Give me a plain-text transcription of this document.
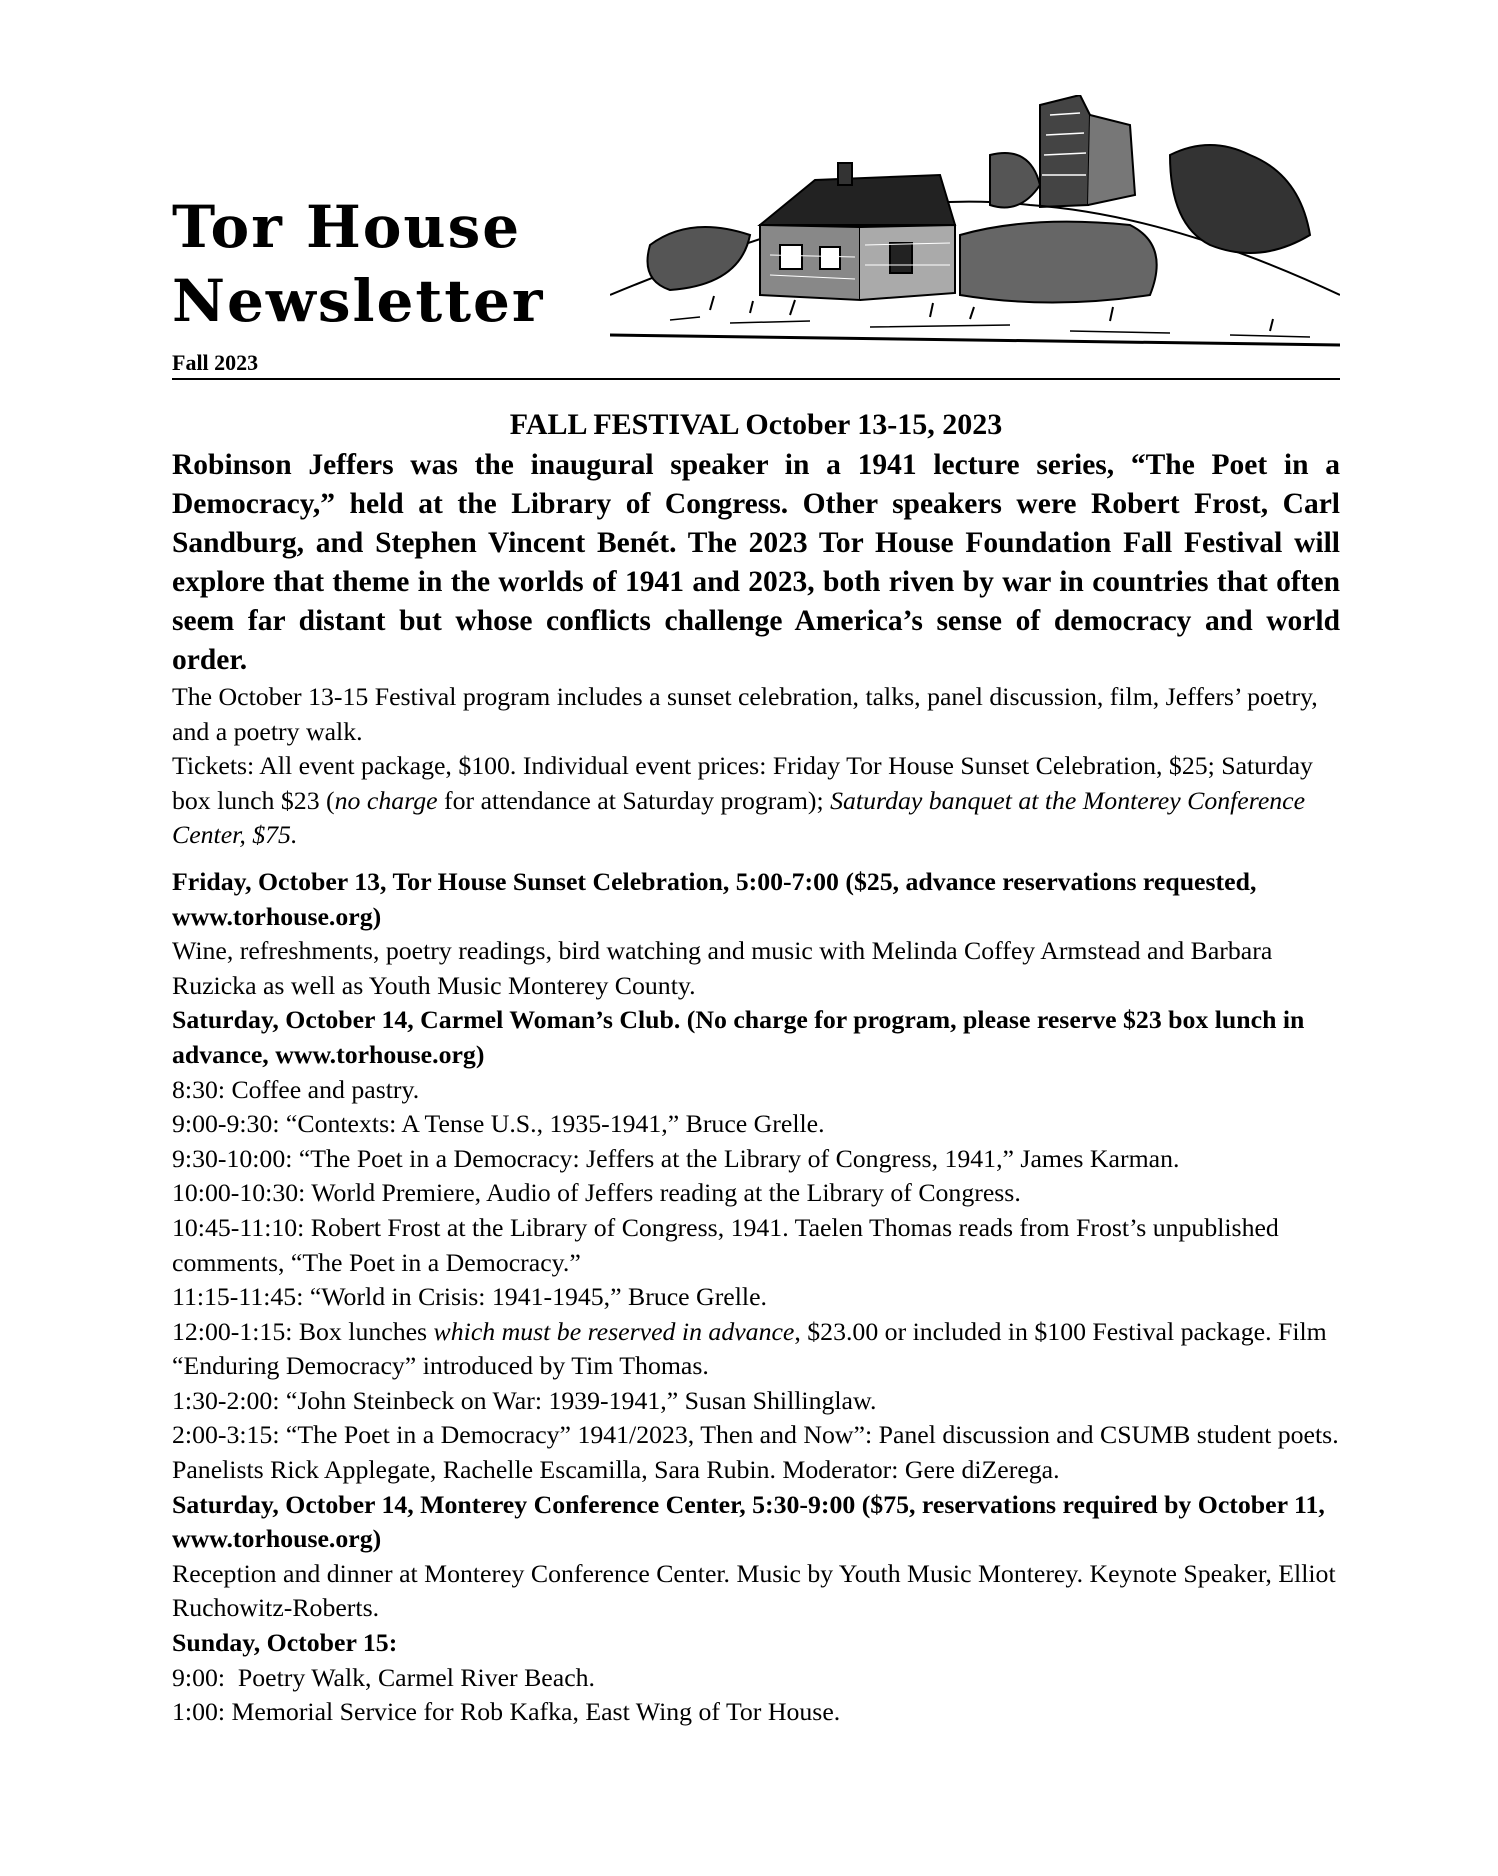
Tor House
Newsletter
Fall 2023
FALL FESTIVAL October 13-15, 2023

Robinson Jeffers was the inaugural speaker in a 1941 lecture series, “The Poet in a Democracy,” held at the Library of Congress. Other speakers were Robert Frost, Carl Sandburg, and Stephen Vincent Benét. The 2023 Tor House Foundation Fall Festival will explore that theme in the worlds of 1941 and 2023, both riven by war in countries that often seem far distant but whose conflicts challenge America’s sense of democracy and world order.

The October 13-15 Festival program includes a sunset celebration, talks, panel discussion, film, Jeffers’ poetry, and a poetry walk.

Tickets: All event package, $100. Individual event prices: Friday Tor House Sunset Celebration, $25; Saturday box lunch $23 (no charge for attendance at Saturday program); Saturday banquet at the Monterey Conference Center, $75.

Friday, October 13, Tor House Sunset Celebration, 5:00-7:00 ($25, advance reservations requested, www.torhouse.org)

Wine, refreshments, poetry readings, bird watching and music with Melinda Coffey Armstead and Barbara Ruzicka as well as Youth Music Monterey County.

Saturday, October 14, Carmel Woman’s Club. (No charge for program, please reserve $23 box lunch in advance, www.torhouse.org)

8:30: Coffee and pastry.

9:00-9:30: “Contexts: A Tense U.S., 1935-1941,” Bruce Grelle.

9:30-10:00: “The Poet in a Democracy: Jeffers at the Library of Congress, 1941,” James Karman.

10:00-10:30: World Premiere, Audio of Jeffers reading at the Library of Congress.

10:45-11:10: Robert Frost at the Library of Congress, 1941. Taelen Thomas reads from Frost’s unpublished comments, “The Poet in a Democracy.”

11:15-11:45: “World in Crisis: 1941-1945,” Bruce Grelle.

12:00-1:15: Box lunches which must be reserved in advance, $23.00 or included in $100 Festival package. Film “Enduring Democracy” introduced by Tim Thomas.

1:30-2:00: “John Steinbeck on War: 1939-1941,” Susan Shillinglaw.

2:00-3:15: “The Poet in a Democracy” 1941/2023, Then and Now”: Panel discussion and CSUMB student poets. Panelists Rick Applegate, Rachelle Escamilla, Sara Rubin. Moderator: Gere diZerega.

Saturday, October 14, Monterey Conference Center, 5:30-9:00 ($75, reservations required by October 11, www.torhouse.org)

Reception and dinner at Monterey Conference Center. Music by Youth Music Monterey. Keynote Speaker, Elliot Ruchowitz-Roberts.

Sunday, October 15:

9:00:  Poetry Walk, Carmel River Beach.

1:00: Memorial Service for Rob Kafka, East Wing of Tor House.
